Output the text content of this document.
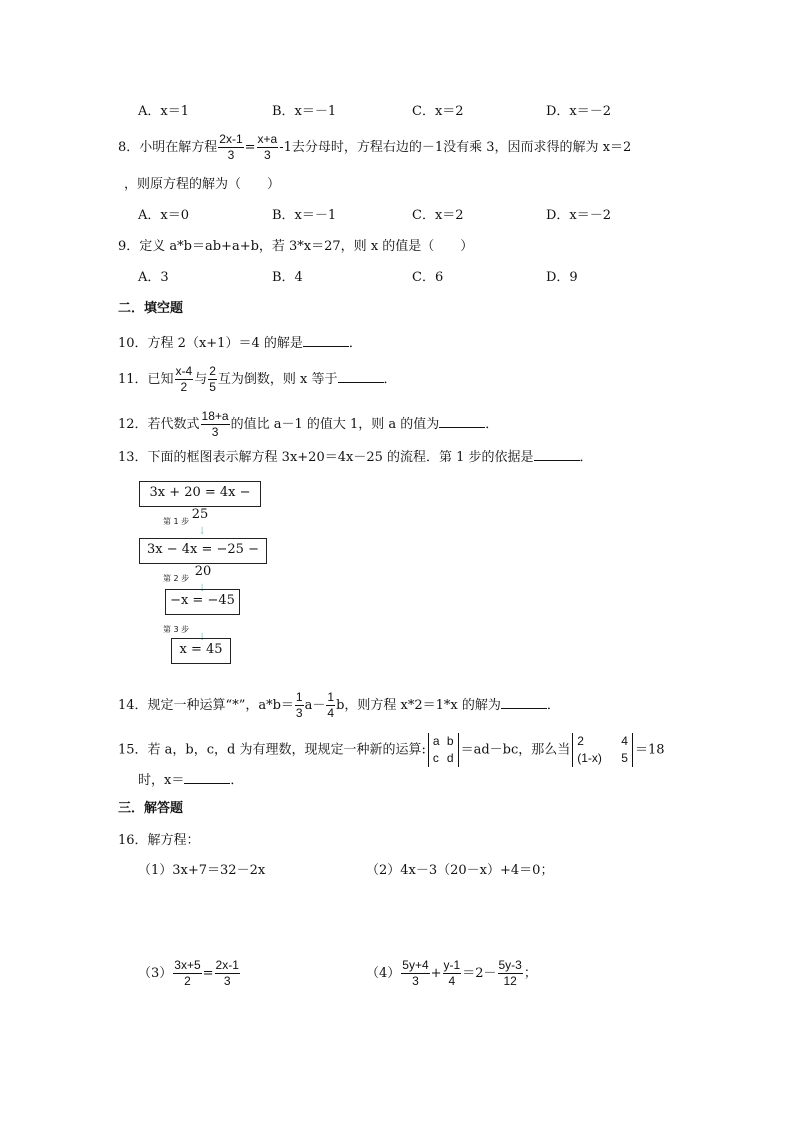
A．x＝1	B．x＝－1	C．x＝2	D．x＝－2
8．小明在解方程 $\frac{2x-1}{3} = \frac{x+a}{3} -1$去分母时，方程右边的－1没有乘 3，因而求得的解为 x＝2
，则原方程的解为（　　）
A．x＝0	B．x＝－1	C．x＝2	D．x＝－2
9．定义 a*b＝ab+a+b，若 3*x＝27，则 x 的值是（　　）
A．3	B．4	C．6	D．9
二．填空题
10．方程 2（x+1）＝4 的解是	．
11．已知 $\frac{x-4}{2}$ 与 $\frac{2}{5}$ 互为倒数，则 x 等于	．
12．若代数式 $\frac{18+a}{3}$ 的值比 a－1 的值大 1，则 a 的值为	．
13．下面的框图表示解方程 3x+20＝4x－25 的流程．第 1 步的依据是	．
3x + 20 = 4x − 25
第 1 步
↓
3x − 4x = −25 − 20
第 2 步
↓
−x = −45
第 3 步
↓
x = 45
14．规定一种运算“*”，$a*b= \frac{1}{3} a- \frac{1}{4}$ b，则方程 x*2＝1*x 的解为	．
15．若 a，b，c，d 为有理数，现规定一种新的运算:
a b
c d
＝ad－bc，那么当
2	4
(1-x) 5
＝18
时，x＝	．
三．解答题
16．解方程：
（1）3x+7＝32－2x	（2）4x－3（20－x）+4＝0；
$(3) \frac{3x+5}{2} = \frac{2x-1}{3}$	$(4) \frac{5y+4}{3} + \frac{y-1}{4} =2- \frac{5y-3}{12}$ ；
